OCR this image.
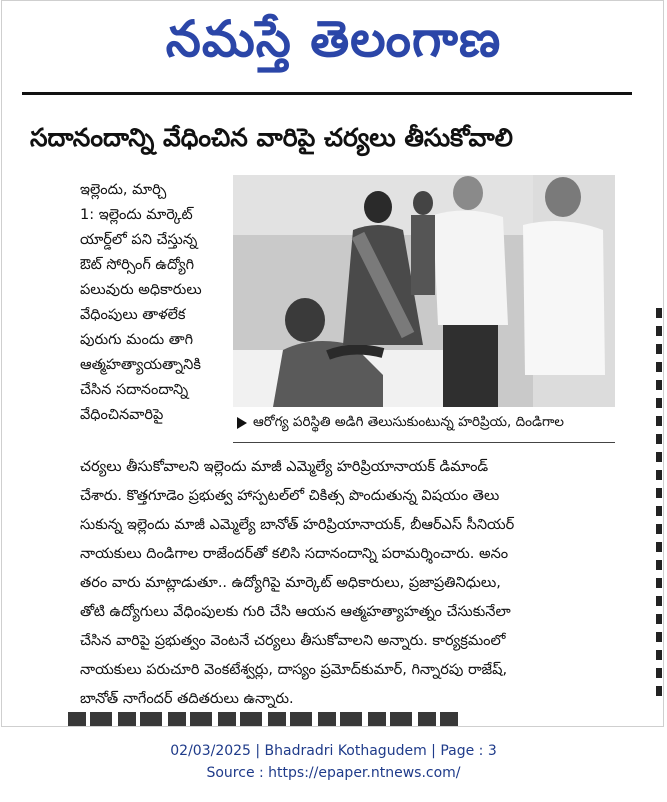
నమస్తే తెలంగాణ
సదానందాన్ని వేధించిన వారిపై చర్యలు తీసుకోవాలి
ఆరోగ్య పరిస్థితి అడిగి తెలుసుకుంటున్న హరిప్రియ, దిండిగాల
ఇల్లెందు, మార్చి
1: ఇల్లెందు మార్కెట్
యార్డ్‌లో పని చేస్తున్న
ఔట్ సోర్సింగ్ ఉద్యోగి
పలువురు అధికారులు
వేధింపులు తాళలేక
పురుగు మందు తాగి
ఆత్మహత్యాయత్నానికి
చేసిన సదానందాన్ని
వేధించినవారిపై
చర్యలు తీసుకోవాలని ఇల్లెందు మాజీ ఎమ్మెల్యే హరిప్రియానాయక్ డిమాండ్
చేశారు. కొత్తగూడెం ప్రభుత్వ హాస్పటల్‌లో చికిత్స పొందుతున్న విషయం తెలు
సుకున్న ఇల్లెందు మాజీ ఎమ్మెల్యే బానోత్ హరిప్రియానాయక్, బీఆర్‌ఎస్ సీనియర్
నాయకులు దిండిగాల రాజేందర్‌తో కలిసి సదానందాన్ని పరామర్శించారు. అనం
తరం వారు మాట్లాడుతూ.. ఉద్యోగిపై మార్కెట్ అధికారులు, ప్రజాప్రతినిధులు,
తోటి ఉద్యోగులు వేధింపులకు గురి చేసి ఆయన ఆత్మహత్యాహత్నం చేసుకునేలా
చేసిన వారిపై ప్రభుత్వం వెంటనే చర్యలు తీసుకోవాలని అన్నారు. కార్యక్రమంలో
నాయకులు పరుచూరి వెంకటేశ్వర్లు, దాస్యం ప్రమోద్‌కుమార్, గిన్నారపు రాజేష్,
బానోత్ నాగేందర్ తదితరులు ఉన్నారు.
02/03/2025 | Bhadradri Kothagudem | Page : 3
Source : https://epaper.ntnews.com/
